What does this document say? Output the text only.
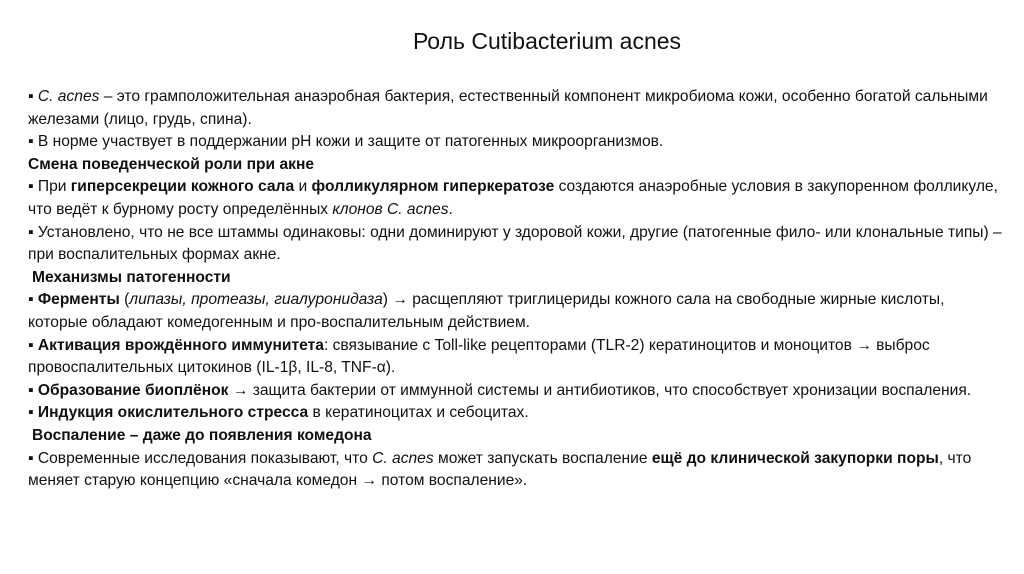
Роль Cutibacterium acnes

▪ C. acnes – это грамположительная анаэробная бактерия, естественный компонент микробиома кожи, особенно богатой сальными железами (лицо, грудь, спина).

▪ В норме участвует в поддержании pH кожи и защите от патогенных микроорганизмов.

Смена поведенческой роли при акне

▪ При гиперсекреции кожного сала и фолликулярном гиперкератозе создаются анаэробные условия в закупоренном фолликуле, что ведёт к бурному росту определённых клонов C. acnes.

▪ Установлено, что не все штаммы одинаковы: одни доминируют у здоровой кожи, другие (патогенные фило- или клональные типы) – при воспалительных формах акне.

Механизмы патогенности

▪ Ферменты (липазы, протеазы, гиалуронидаза) → расщепляют триглицериды кожного сала на свободные жирные кислоты, которые обладают комедогенным и про-воспалительным действием.

▪ Активация врождённого иммунитета: связывание с Toll-like рецепторами (TLR-2) кератиноцитов и моноцитов → выброс провоспалительных цитокинов (IL-1β, IL-8, TNF-α).

▪ Образование биоплёнок → защита бактерии от иммунной системы и антибиотиков, что способствует хронизации воспаления.

▪ Индукция окислительного стресса в кератиноцитах и себоцитах.

Воспаление – даже до появления комедона

▪ Современные исследования показывают, что C. acnes может запускать воспаление ещё до клинической закупорки поры, что меняет старую концепцию «сначала комедон → потом воспаление».
